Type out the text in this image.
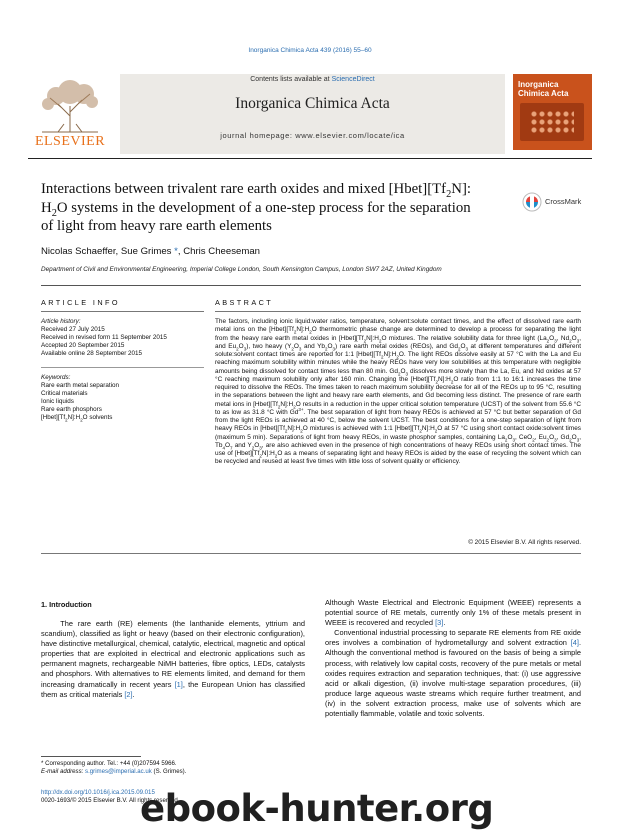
Inorganica Chimica Acta 439 (2016) 55–60
ELSEVIER
Contents lists available at ScienceDirect
Inorganica Chimica Acta
journal homepage: www.elsevier.com/locate/ica
Inorganica Chimica Acta
Interactions between trivalent rare earth oxides and mixed $[Hbet][Tf_2N]$:
$H_2O$ systems in the development of a one-step process for the separation
of light from heavy rare earth elements
CrossMark
Nicolas Schaeffer, Sue Grimes *, Chris Cheeseman
Department of Civil and Environmental Engineering, Imperial College London, South Kensington Campus, London SW7 2AZ, United Kingdom
ARTICLE INFO	ABSTRACT
Article history:
Received 27 July 2015
Received in revised form 11 September 2015
Accepted 20 September 2015
Available online 28 September 2015
Keywords:
Rare earth metal separation
Critical materials
Ionic liquids
Rare earth phosphors
$[Hbet][Tf_2N]:H_2O$ solvents
The factors, including ionic liquid:water ratios, temperature, solvent:solute contact times, and the effect of dissolved rare earth metal ions on the $[Hbet][Tf_2N]:H_2O$ thermometric phase change are determined to develop a process for separating the light from the heavy rare earth metal oxides in $[Hbet][Tf_2N]:H_2O$ mixtures. The relative solubility data for three light ($La_2O_3$, $Nd_2O_3$, and $Eu_2O_3$), two heavy ($Y_2O_3$ and $Yb_2O_3$) rare earth metal oxides (REOs), and $Gd_2O_3$ at different temperatures and different solute:solvent contact times are reported for 1:1 $[Hbet][Tf_2N]:H_2O$. The light REOs dissolve easily at 57 °C with the La and Eu reaching maximum solubility within minutes while the heavy REOs have very low solubilities at this temperature with negligible amounts being dissolved for contact times less than 80 min. $Gd_2O_3$ dissolves more slowly than the La, Eu, and Nd oxides at 57 °C reaching maximum solubility only after 160 min. Changing the $[Hbet][Tf_2N]:H_2O$ ratio from 1:1 to 16:1 increases the time required to dissolve the REOs. The times taken to reach maximum solubility decrease for all of the REOs up to 95 °C, resulting in the separations between the light and heavy rare earth elements, and Gd becoming less distinct. The presence of rare earth metal ions in $[Hbet][Tf_2N]:H_2O$ results in a reduction in the upper critical solution temperature (UCST) of the solvent from 55.6 °C to as low as 31.8 °C with $Gd^{3+}$. The best separation of light from heavy REOs is achieved at 57 °C but better separation of Gd from the light REOs is achieved at 40 °C, below the solvent UCST. The best conditions for a one-step separation of light from heavy REOs in $[Hbet][Tf_2N]:H_2O$ mixtures is achieved with 1:1 $[Hbet][Tf_2N]:H_2O$ at 57 °C using short contact oxide:solvent times (maximum 5 min). Separations of light from heavy REOs, in waste phosphor samples, containing $La_2O_3$, CeO$_2$, $Eu_2O_3$, $Gd_2O_3$, $Tb_4O_7$ and $Y_2O_3$, are also achieved even in the presence of high concentrations of heavy REOs using short contact times. The use of $[Hbet][Tf_2N]:H_2O$ as a means of separating light and heavy REOs is aided by the ease of recycling the solvent which can be recycled and reused at least five times with little loss of solvent quality or efficiency.
© 2015 Elsevier B.V. All rights reserved.
1. Introduction
The rare earth (RE) elements (the lanthanide elements, yttrium and scandium), classified as light or heavy (based on their electronic configuration), have distinctive metallurgical, chemical, catalytic, electrical, magnetic and optical properties that are exploited in electrical and electronic applications such as permanent magnets, rechargeable NiMH batteries, fibre optics, LEDs, catalysts and phosphors. With alternatives to RE elements limited, and demand for them increasing dramatically in recent years [1], the European Union has classified them as critical materials [2].
Although Waste Electrical and Electronic Equipment (WEEE) represents a potential source of RE metals, currently only 1% of these metals present in WEEE is recovered and recycled [3].
Conventional industrial processing to separate RE elements from RE oxide ores involves a combination of hydrometallurgy and solvent extraction [4]. Although the conventional method is favoured on the basis of being a simple process, with relatively low capital costs, recovery of the pure metals or metal oxides requires extraction and separation techniques, that: (i) use aggressive acid or alkali digestion, (ii) involve multi-stage separation procedures, (iii) produce large aqueous waste streams which require further treatment, and (iv) in the solvent extraction process, make use of solvents which are potentially flammable, volatile and toxic solvents.
* Corresponding author. Tel.: +44 (0)207594 5966.
E-mail address: s.grimes@imperial.ac.uk (S. Grimes).
http://dx.doi.org/10.1016/j.ica.2015.09.015
0020-1693/© 2015 Elsevier B.V. All rights reserved.
ebook-hunter.org
